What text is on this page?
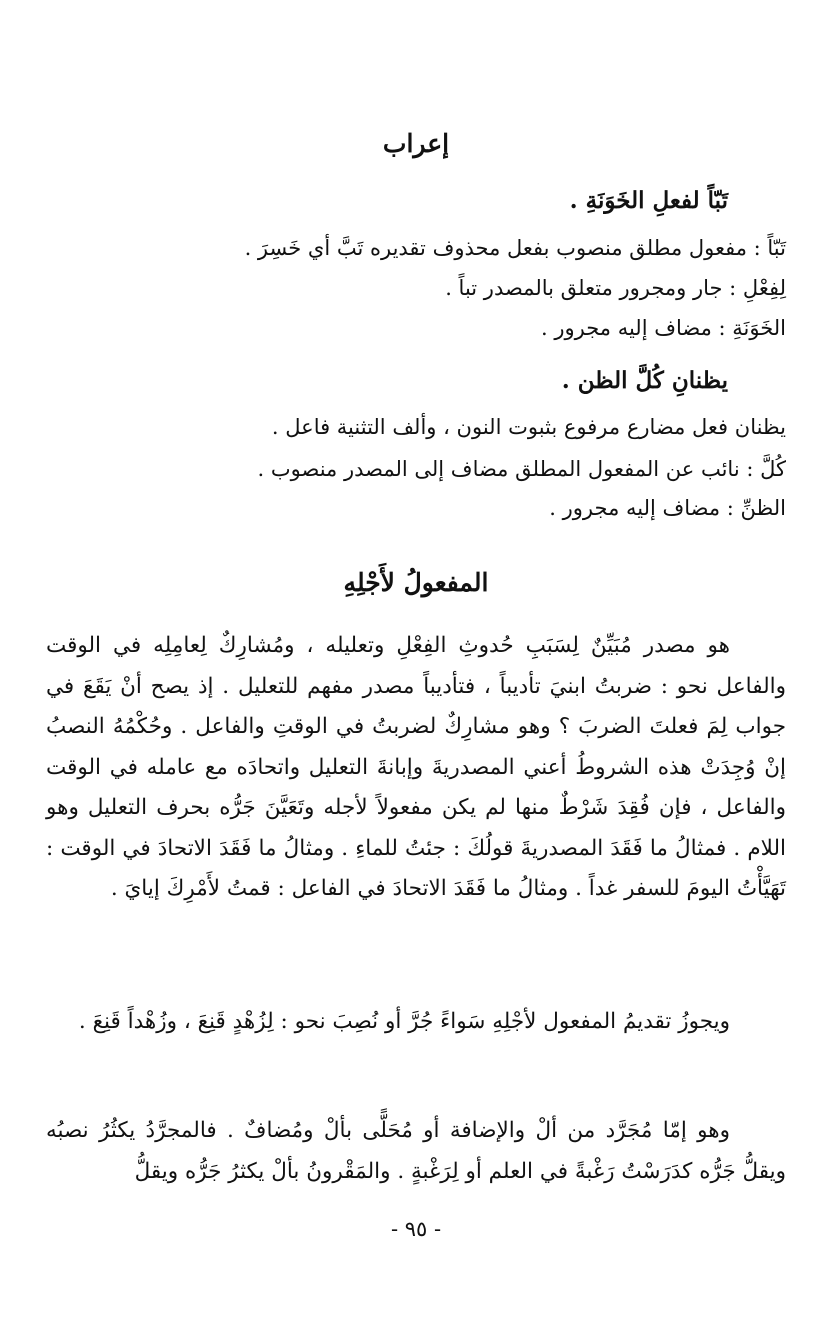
إعراب
تَبّاً لفعلِ الخَوَنَةِ .
تَبّاً : مفعول مطلق منصوب بفعل محذوف تقديره تَبَّ أي خَسِرَ .
لِفِعْلِ : جار ومجرور متعلق بالمصدر تباً .
الخَوَنَةِ : مضاف إليه مجرور .
يظنانِ كُلَّ الظن .
يظنان فعل مضارع مرفوع بثبوت النون ، وألف التثنية فاعل .
كُلَّ : نائب عن المفعول المطلق مضاف إلى المصدر منصوب .
الظنِّ : مضاف إليه مجرور .
المفعولُ لأَجْلِهِ
هو مصدر مُبَيِّنٌ لِسَبَبِ حُدوثِ الفِعْلِ وتعليله ، ومُشارِكٌ لِعامِلِه في الوقت والفاعل نحو : ضربتُ ابنيَ تأديباً ، فتأديباً مصدر مفهم للتعليل . إذ يصح أنْ يَقَعَ في جواب لِمَ فعلتَ الضربَ ؟ وهو مشارِكٌ لضربتُ في الوقتِ والفاعل . وحُكْمُهُ النصبُ إنْ وُجِدَتْ هذه الشروطُ أعني المصدريةَ وإبانةَ التعليل واتحادَه مع عامله في الوقت والفاعل ، فإن فُقِدَ شَرْطٌ منها لم يكن مفعولاً لأجله وتَعَيَّنَ جَرُّه بحرف التعليل وهو اللام . فمثالُ ما فَقَدَ المصدريةَ قولُكَ : جئتُ للماءِ . ومثالُ ما فَقَدَ الاتحادَ في الوقت : تَهَيَّأْتُ اليومَ للسفر غداً . ومثالُ ما فَقَدَ الاتحادَ في الفاعل : قمتُ لأَمْرِكَ إيايَ .
ويجوزُ تقديمُ المفعول لأجْلِهِ سَواءً جُرَّ أو نُصِبَ نحو : لِزُهْدٍ قَنِعَ ، وزُهْداً قَنِعَ .
وهو إمّا مُجَرَّد من ألْ والإضافة أو مُحَلًّى بألْ ومُضافٌ . فالمجرَّدُ يكثُرُ نصبُه ويقلُّ جَرُّه كدَرَسْتُ رَغْبةً في العلم أو لِرَغْبةٍ . والمَقْرونُ بألْ يكثرُ جَرُّه ويقلُّ
- ٩٥ -
